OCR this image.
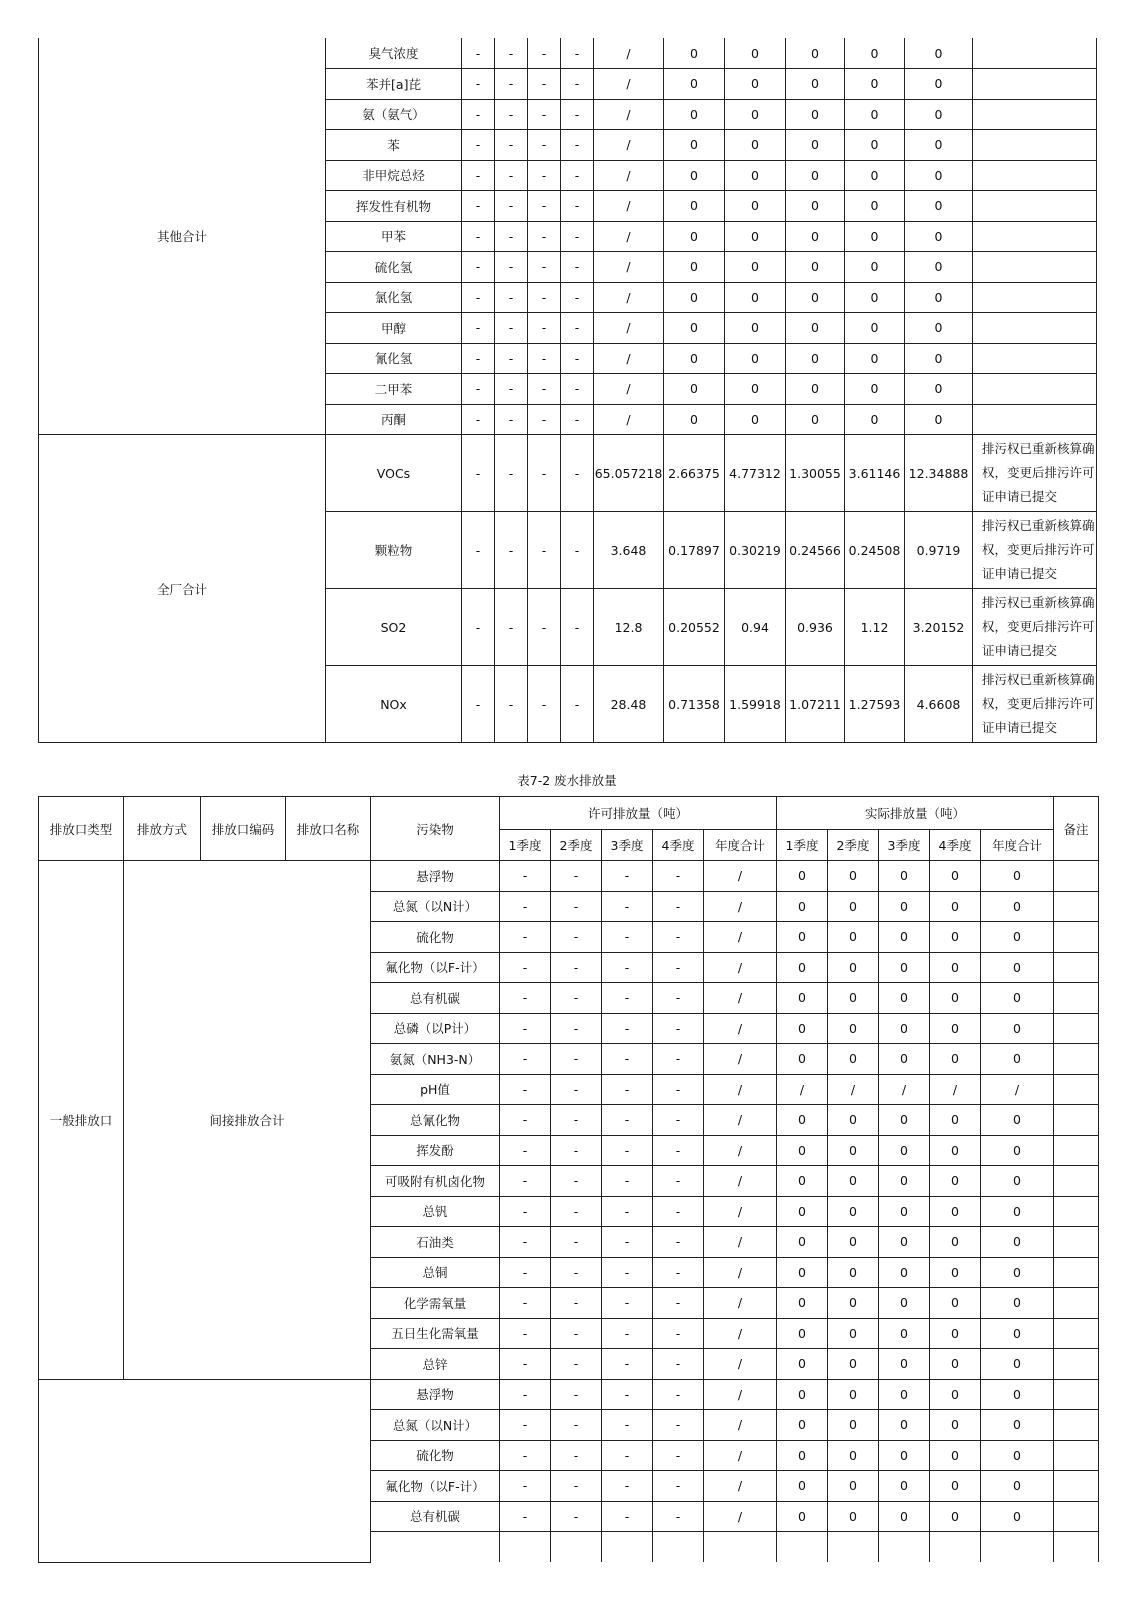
其他合计	臭气浓度	-	-	-	-	/	0	0	0	0	0	
	苯并[a]芘	-	-	-	-	/	0	0	0	0	0	
	氨（氨气）	-	-	-	-	/	0	0	0	0	0	
	苯	-	-	-	-	/	0	0	0	0	0	
	非甲烷总烃	-	-	-	-	/	0	0	0	0	0	
	挥发性有机物	-	-	-	-	/	0	0	0	0	0	
	甲苯	-	-	-	-	/	0	0	0	0	0	
	硫化氢	-	-	-	-	/	0	0	0	0	0	
	氯化氢	-	-	-	-	/	0	0	0	0	0	
	甲醇	-	-	-	-	/	0	0	0	0	0	
	氰化氢	-	-	-	-	/	0	0	0	0	0	
	二甲苯	-	-	-	-	/	0	0	0	0	0	
	丙酮	-	-	-	-	/	0	0	0	0	0	
全厂合计	VOCs	-	-	-	-	65.057218	2.66375	4.77312	1.30055	3.61146	12.34888	排污权已重新核算确权，变更后排污许可证申请已提交
	颗粒物	-	-	-	-	3.648	0.17897	0.30219	0.24566	0.24508	0.9719	排污权已重新核算确权，变更后排污许可证申请已提交
	SO2	-	-	-	-	12.8	0.20552	0.94	0.936	1.12	3.20152	排污权已重新核算确权，变更后排污许可证申请已提交
	NOx	-	-	-	-	28.48	0.71358	1.59918	1.07211	1.27593	4.6608	排污权已重新核算确权，变更后排污许可证申请已提交
表7-2 废水排放量
排放口类型	排放方式	排放口编码	排放口名称	污染物	许可排放量（吨）					实际排放量（吨）					备注
					1季度	2季度	3季度	4季度	年度合计	1季度	2季度	3季度	4季度	年度合计	
一般排放口	间接排放合计			悬浮物	-	-	-	-	/	0	0	0	0	0	
				总氮（以N计）	-	-	-	-	/	0	0	0	0	0	
				硫化物	-	-	-	-	/	0	0	0	0	0	
				氟化物（以F-计）	-	-	-	-	/	0	0	0	0	0	
				总有机碳	-	-	-	-	/	0	0	0	0	0	
				总磷（以P计）	-	-	-	-	/	0	0	0	0	0	
				氨氮（NH3-N）	-	-	-	-	/	0	0	0	0	0	
				pH值	-	-	-	-	/	/	/	/	/	/	
				总氰化物	-	-	-	-	/	0	0	0	0	0	
				挥发酚	-	-	-	-	/	0	0	0	0	0	
				可吸附有机卤化物	-	-	-	-	/	0	0	0	0	0	
				总钒	-	-	-	-	/	0	0	0	0	0	
				石油类	-	-	-	-	/	0	0	0	0	0	
				总铜	-	-	-	-	/	0	0	0	0	0	
				化学需氧量	-	-	-	-	/	0	0	0	0	0	
				五日生化需氧量	-	-	-	-	/	0	0	0	0	0	
				总锌	-	-	-	-	/	0	0	0	0	0	
				悬浮物	-	-	-	-	/	0	0	0	0	0	
				总氮（以N计）	-	-	-	-	/	0	0	0	0	0	
				硫化物	-	-	-	-	/	0	0	0	0	0	
				氟化物（以F-计）	-	-	-	-	/	0	0	0	0	0	
				总有机碳	-	-	-	-	/	0	0	0	0	0	
